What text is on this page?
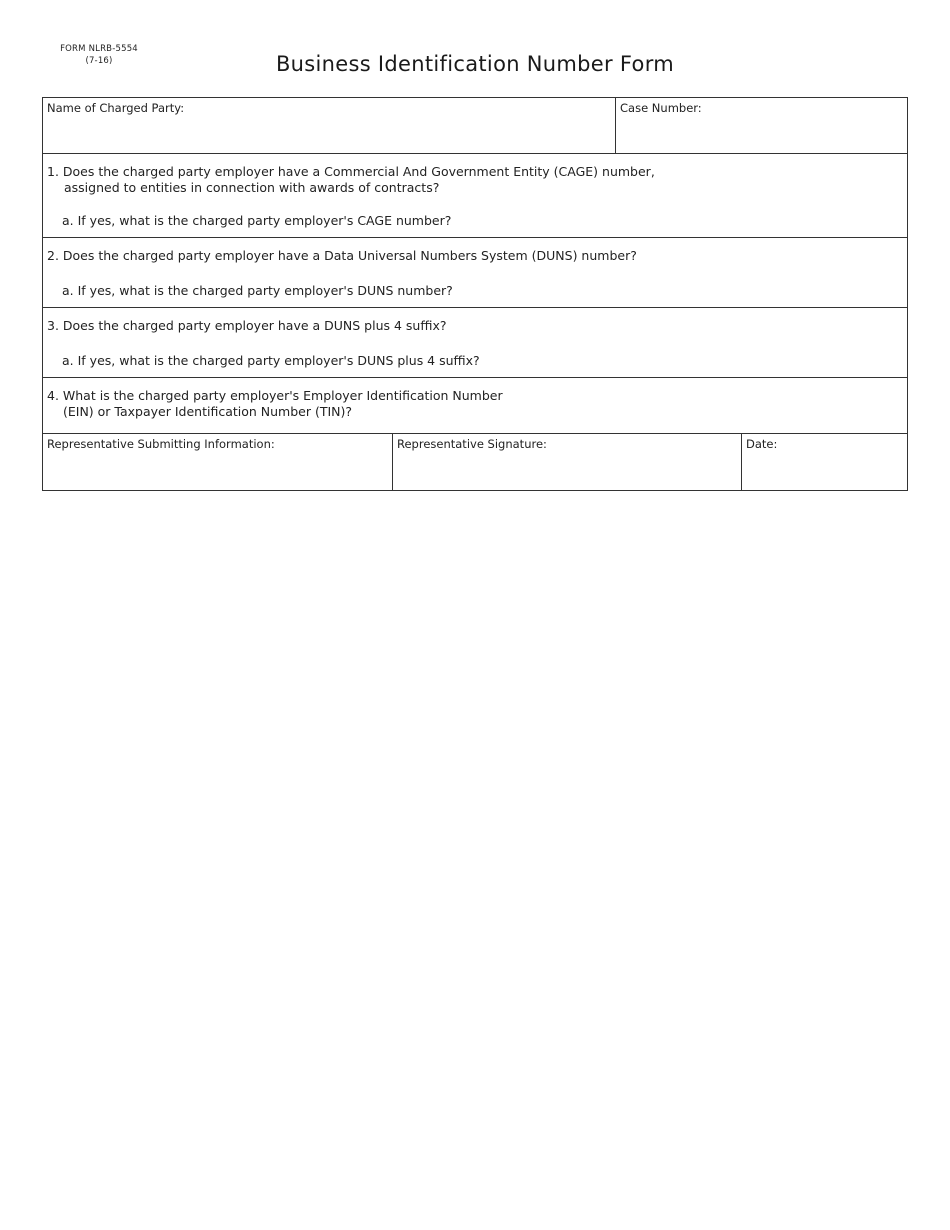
FORM NLRB-5554
(7-16)	Business Identification Number Form
Name of Charged Party:	Case Number:
1. Does the charged party employer have a Commercial And Government Entity (CAGE) number,
assigned to entities in connection with awards of contracts?
a. If yes, what is the charged party employer's CAGE number?
2. Does the charged party employer have a Data Universal Numbers System (DUNS) number?
a. If yes, what is the charged party employer's DUNS number?
3. Does the charged party employer have a DUNS plus 4 suffix?
a. If yes, what is the charged party employer's DUNS plus 4 suffix?
4. What is the charged party employer's Employer Identification Number
(EIN) or Taxpayer Identification Number (TIN)?
Representative Submitting Information:	Representative Signature:	Date:
